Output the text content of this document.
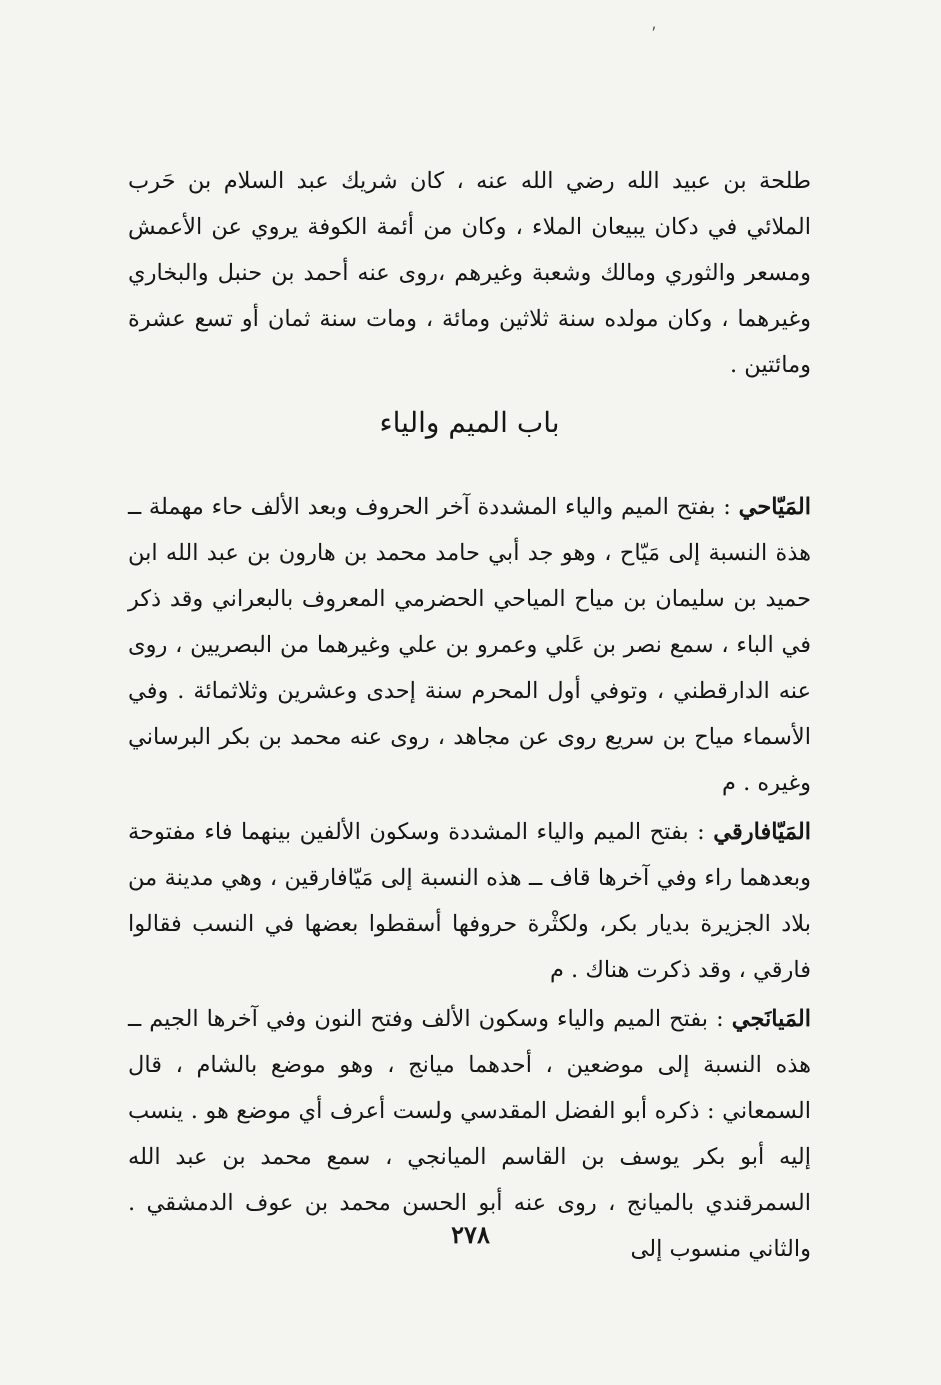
⸴

طلحة بن عبيد الله رضي الله عنه ، كان شريك عبد السلام بن حَرب الملائي في دكان يبيعان الملاء ، وكان من أئمة الكوفة يروي عن الأعمش ومسعر والثوري ومالك وشعبة وغيرهم ،روى عنه أحمد بن حنبل والبخاري وغيرهما ، وكان مولده سنة ثلاثين ومائة ، ومات سنة ثمان أو تسع عشرة ومائتين .

باب الميم والياء

المَيّاحي : بفتح الميم والياء المشددة آخر الحروف وبعد الألف حاء مهملة ــ هذة النسبة إلى مَيّاح ، وهو جد أبي حامد محمد بن هارون بن عبد الله ابن حميد بن سليمان بن مياح المياحي الحضرمي المعروف بالبعراني وقد ذكر في الباء ، سمع نصر بن عَلي وعمرو بن علي وغيرهما من البصريين ، روى عنه الدارقطني ، وتوفي أول المحرم سنة إحدى وعشرين وثلاثمائة . وفي الأسماء مياح بن سريع روى عن مجاهد ، روى عنه محمد بن بكر البرساني وغيره . م

المَيّافارقي : بفتح الميم والياء المشددة وسكون الألفين بينهما فاء مفتوحة وبعدهما راء وفي آخرها قاف ــ هذه النسبة إلى مَيّافارقين ، وهي مدينة من بلاد الجزيرة بديار بكر، ولكثْرة حروفها أسقطوا بعضها في النسب فقالوا فارقي ، وقد ذكرت هناك . م

المَيانَجي : بفتح الميم والياء وسكون الألف وفتح النون وفي آخرها الجيم ــ هذه النسبة إلى موضعين ، أحدهما ميانج ، وهو موضع بالشام ، قال السمعاني : ذكره أبو الفضل المقدسي ولست أعرف أي موضع هو . ينسب إليه أبو بكر يوسف بن القاسم الميانجي ، سمع محمد بن عبد الله السمرقندي بالميانج ، روى عنه أبو الحسن محمد بن عوف الدمشقي . والثاني منسوب إلى

٢٧٨
